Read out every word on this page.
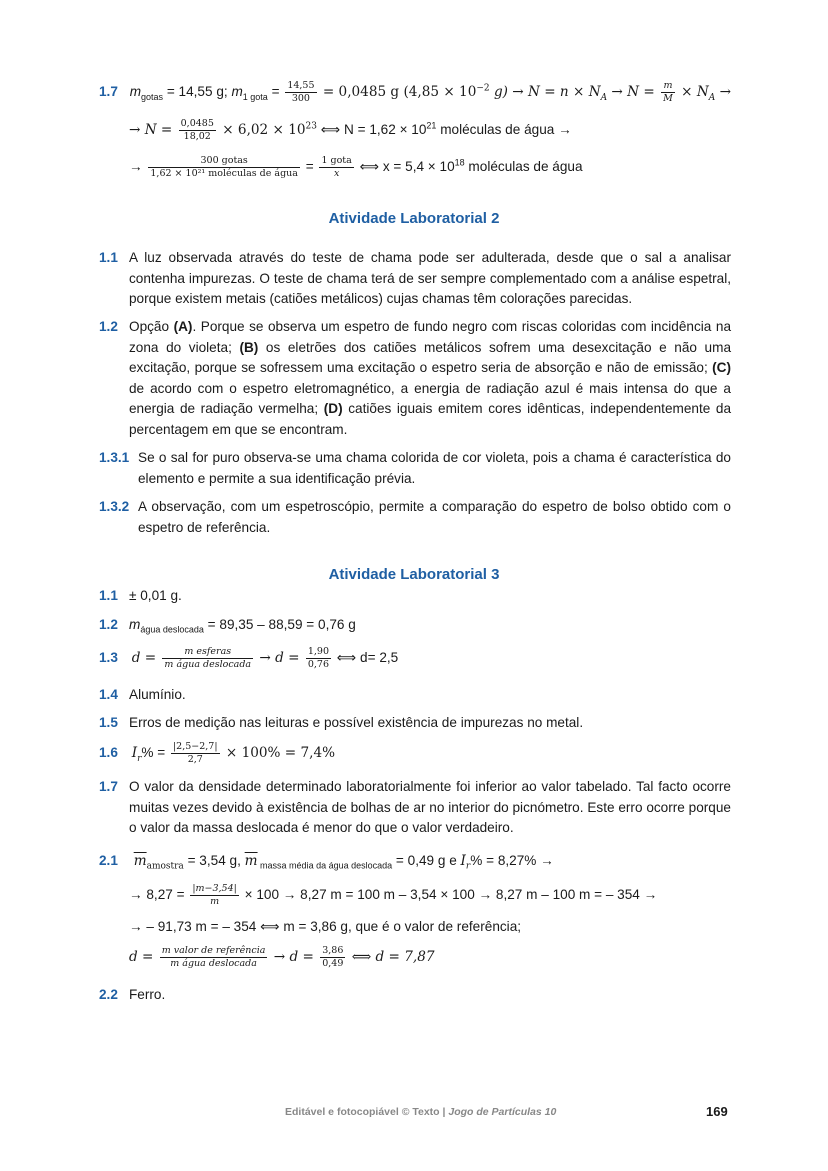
1.7 $m_{gotas} = 14,55$ g; $m_{1 gota} = \frac{14,55}{300} = 0,0485$ g ($4,85 \times 10^{-2}$ $g) \to N = n \times N_A \to N = \frac{m}{M} \times N_A$ →
→ $N = \frac{0,0485}{18,02} \times 6,02 \times 10^{23}$ ⟺ $N = 1,62 \times 10^{21}$ moléculas de água →
→ $\frac{\text{300 gotas}}{\text{1,62 × 10²¹ moléculas de água}} = \frac{\text{1 gota}}{x}$ ⟺ $x = 5,4 \times 10^{18}$ moléculas de água
Atividade Laboratorial 2
1.1 A luz observada através do teste de chama pode ser adulterada, desde que o sal a analisar contenha impurezas. O teste de chama terá de ser sempre complementado com a análise espetral, porque existem metais (catiões metálicos) cujas chamas têm colorações parecidas.
1.2 Opção (A). Porque se observa um espetro de fundo negro com riscas coloridas com incidência na zona do violeta; (B) os eletrões dos catiões metálicos sofrem uma desexcitação e não uma excitação, porque se sofressem uma excitação o espetro seria de absorção e não de emissão; (C) de acordo com o espetro eletromagnético, a energia de radiação azul é mais intensa do que a energia de radiação vermelha; (D) catiões iguais emitem cores idênticas, independentemente da percentagem em que se encontram.
1.3.1 Se o sal for puro observa-se uma chama colorida de cor violeta, pois a chama é característica do elemento e permite a sua identificação prévia.
1.3.2 A observação, com um espetroscópio, permite a comparação do espetro de bolso obtido com o espetro de referência.
Atividade Laboratorial 3
1.1 ± 0,01 g.
1.2 $m_{água deslocada} = 89,35 - 88,59 = 0,76$ g
1.3 $d = \frac{\text{m esferas}}{\text{m água deslocada}} \to d = \frac{1,90}{0,76}$ ⟺ d= 2,5
1.4 Alumínio.
1.5 Erros de medição nas leituras e possível existência de impurezas no metal.
1.6 $I_r\% = \frac{|2,5-2,7|}{2,7} \times 100\% = 7,4\%$
1.7 O valor da densidade determinado laboratorialmente foi inferior ao valor tabelado. Tal facto ocorre muitas vezes devido à existência de bolhas de ar no interior do picnómetro. Este erro ocorre porque o valor da massa deslocada é menor do que o valor verdadeiro.
2.1 $\overline{m}_{amostra} = 3,54$ g, $\overline{m}$ $_{massa média da água deslocada}$ = 0,49 g e $I_r\% = 8,27\%$ →
→ $8,27 = \frac{|m-3,54|}{m} \times 100 \to 8,27$ m = 100 m – 3,54 × 100 → 8,27 m – 100 m = – 354 →
→ – 91,73 m = – 354 ⟺ m = 3,86 g, que é o valor de referência;
$d = \frac{\text{m valor de referência}}{\text{m água deslocada}} \to d = \frac{3,86}{0,49}$ ⟺ d = 7,87
2.2 Ferro.
Editável e fotocopiável © Texto | Jogo de Partículas 10	169
